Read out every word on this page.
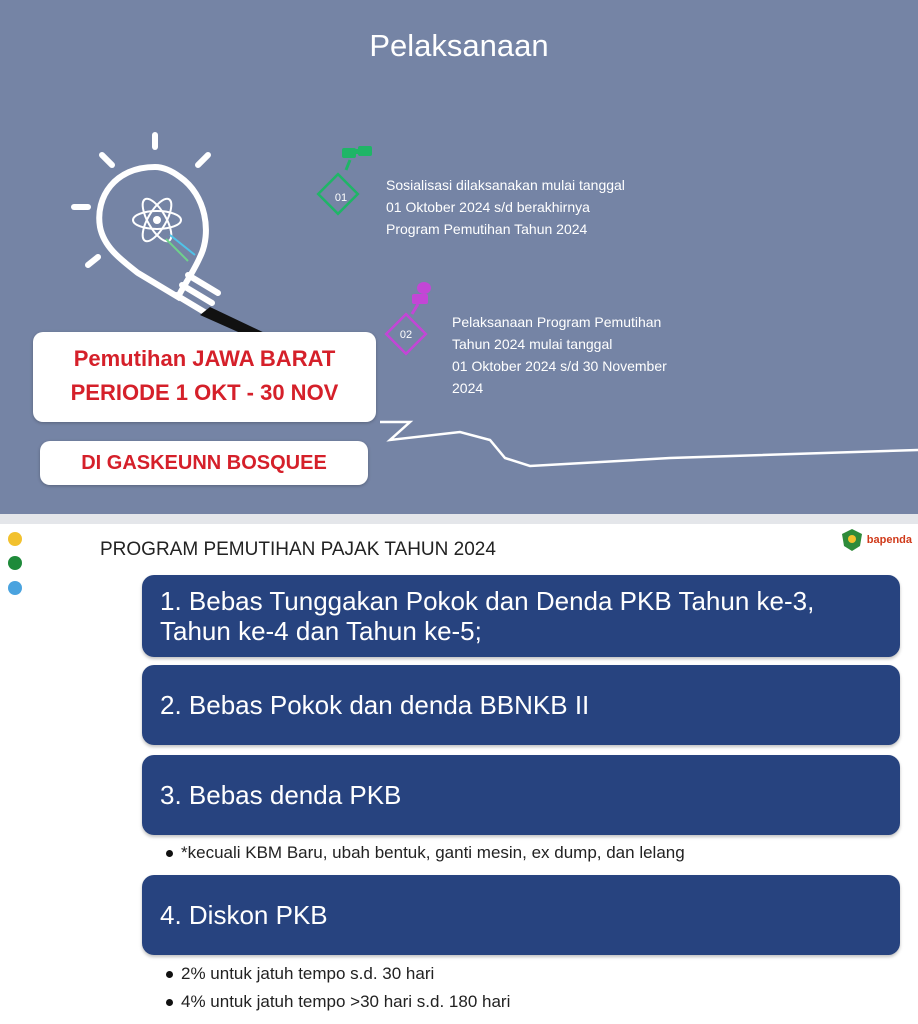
Pelaksanaan
01
Sosialisasi dilaksanakan mulai tanggal
01 Oktober 2024 s/d berakhirnya
Program Pemutihan Tahun 2024
02
Pelaksanaan Program Pemutihan
Tahun 2024 mulai tanggal
01 Oktober 2024 s/d 30 November
2024
Pemutihan JAWA BARAT
PERIODE 1 OKT - 30 NOV
DI GASKEUNN BOSQUEE
PROGRAM PEMUTIHAN PAJAK TAHUN 2024	bapenda
1. Bebas Tunggakan Pokok dan Denda PKB Tahun ke-3,
Tahun ke-4 dan Tahun ke-5;
2. Bebas Pokok dan denda BBNKB II
3. Bebas denda PKB
*kecuali KBM Baru, ubah bentuk, ganti mesin, ex dump, dan lelang
4. Diskon PKB
2% untuk jatuh tempo s.d. 30 hari
4% untuk jatuh tempo >30 hari s.d. 180 hari
